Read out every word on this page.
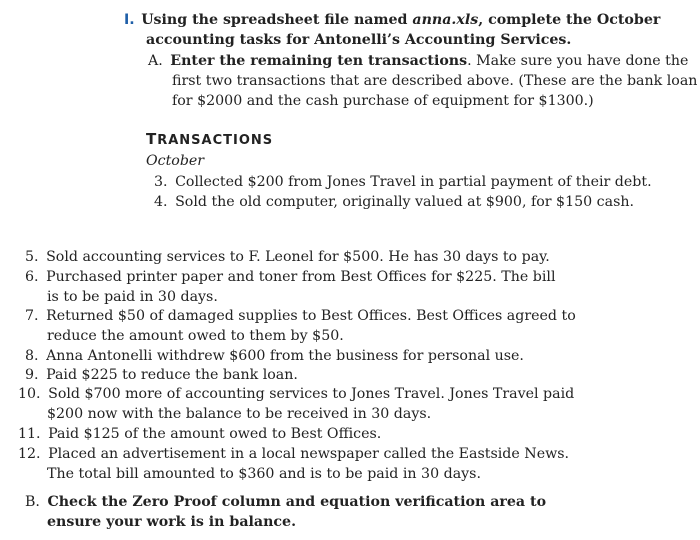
I. Using the spreadsheet file named anna.xls, complete the October
accounting tasks for Antonelli’s Accounting Services.
A. Enter the remaining ten transactions. Make sure you have done the
first two transactions that are described above. (These are the bank loan
for $2000 and the cash purchase of equipment for $1300.)
TRANSACTIONS
October
3. Collected $200 from Jones Travel in partial payment of their debt.
4. Sold the old computer, originally valued at $900, for $150 cash.
5. Sold accounting services to F. Leonel for $500. He has 30 days to pay.
6. Purchased printer paper and toner from Best Offices for $225. The bill
is to be paid in 30 days.
7. Returned $50 of damaged supplies to Best Offices. Best Offices agreed to
reduce the amount owed to them by $50.
8. Anna Antonelli withdrew $600 from the business for personal use.
9. Paid $225 to reduce the bank loan.
10. Sold $700 more of accounting services to Jones Travel. Jones Travel paid
$200 now with the balance to be received in 30 days.
11. Paid $125 of the amount owed to Best Offices.
12. Placed an advertisement in a local newspaper called the Eastside News.
The total bill amounted to $360 and is to be paid in 30 days.
B. Check the Zero Proof column and equation verification area to
ensure your work is in balance.
